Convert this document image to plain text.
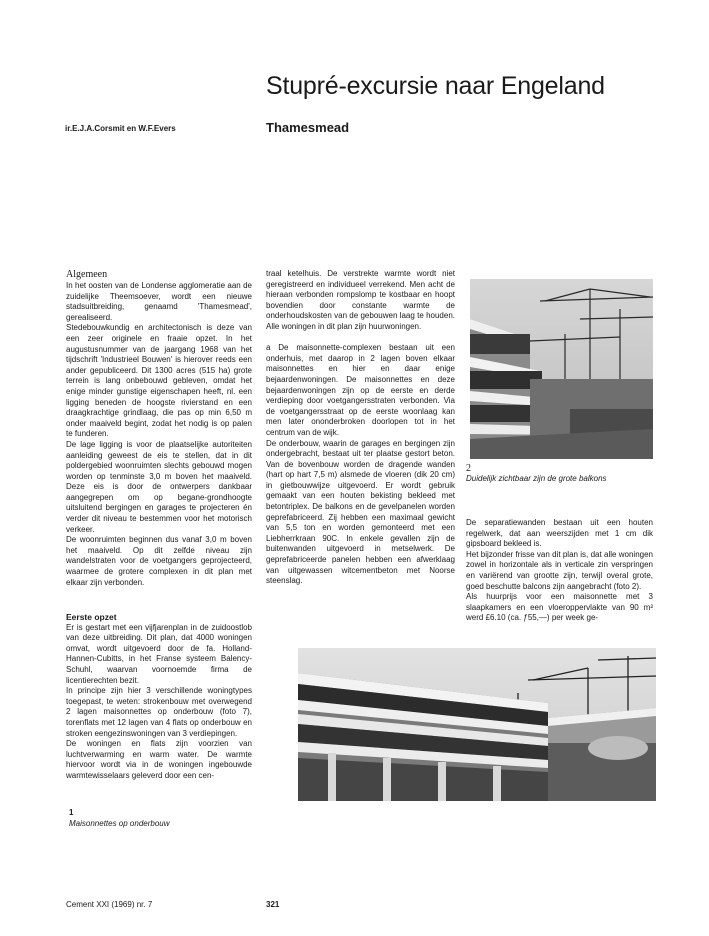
Stupré-excursie naar Engeland
ir.E.J.A.Corsmit en W.F.Evers	Thamesmead
Algemeen

In het oosten van de Londense agglomeratie aan de zuidelijke Theemsoever, wordt een nieuwe stadsuitbreiding, genaamd 'Thamesmead', gerealiseerd.

Stedebouwkundig en architectonisch is deze van een zeer originele en fraaie opzet. In het augustusnummer van de jaargang 1968 van het tijdschrift 'Industrieel Bouwen' is hierover reeds een ander gepubliceerd. Dit 1300 acres (515 ha) grote terrein is lang onbebouwd gebleven, omdat het enige minder gunstige eigenschapen heeft, nl. een ligging beneden de hoogste rivierstand en een draagkrachtige grindlaag, die pas op min 6,50 m onder maaiveld begint, zodat het nodig is op palen te funderen.

De lage ligging is voor de plaatselijke autoriteiten aanleiding geweest de eis te stellen, dat in dit poldergebied woonruimten slechts gebouwd mogen worden op tenminste 3,0 m boven het maaiveld. Deze eis is door de ontwerpers dankbaar aangegrepen om op begane-grondhoogte uitsluitend bergingen en garages te projecteren én verder dit niveau te bestemmen voor het motorisch verkeer.

De woonruimten beginnen dus vanaf 3,0 m boven het maaiveld. Op dit zelfde niveau zijn wandelstraten voor de voetgangers geprojecteerd, waarmee de grotere complexen in dit plan met elkaar zijn verbonden.

Eerste opzet

Er is gestart met een vijfjarenplan in de zuidoostlob van deze uitbreiding. Dit plan, dat 4000 woningen omvat, wordt uitgevoerd door de fa. Holland-Hannen-Cubitts, in het Franse systeem Balency-Schuhl, waarvan voornoemde firma de licentierechten bezit.

In principe zijn hier 3 verschillende woningtypes toegepast, te weten: strokenbouw met overwegend 2 lagen maisonnettes op onderbouw (foto 7), torenflats met 12 lagen van 4 flats op onderbouw en stroken eengezinswoningen van 3 verdiepingen.

De woningen en flats zijn voorzien van luchtverwarming en warm water. De warmte hiervoor wordt via in de woningen ingebouwde warmtewisselaars geleverd door een cen-

traal ketelhuis. De verstrekte warmte wordt niet geregistreerd en individueel verrekend. Men acht de hieraan verbonden rompslomp te kostbaar en hoopt bovendien door constante warmte de onderhoudskosten van de gebouwen laag te houden. Alle woningen in dit plan zijn huurwoningen.

a De maisonnette-complexen bestaan uit een onderhuis, met daarop in 2 lagen boven elkaar maisonnettes en hier en daar enige bejaardenwoningen. De maisonnettes en deze bejaardenwoningen zijn op de eerste en derde verdieping door voetgangersstraten verbonden. Via de voetgangersstraat op de eerste woonlaag kan men later ononderbroken doorlopen tot in het centrum van de wijk.

De onderbouw, waarin de garages en bergingen zijn ondergebracht, bestaat uit ter plaatse gestort beton. Van de bovenbouw worden de dragende wanden (hart op hart 7,5 m) alsmede de vloeren (dik 20 cm) in gietbouwwijze uitgevoerd. Er wordt gebruik gemaakt van een houten bekisting bekleed met betontriplex. De balkons en de gevelpanelen worden geprefabriceerd. Zij hebben een maximaal gewicht van 5,5 ton en worden gemonteerd met een Liebherrkraan 90C. In enkele gevallen zijn de buitenwanden uitgevoerd in metselwerk. De geprefabriceerde panelen hebben een afwerklaag van uitgewassen witcementbeton met Noorse steenslag.

De separatiewanden bestaan uit een houten regelwerk, dat aan weerszijden met 1 cm dik gipsboard bekleed is.

Het bijzonder frisse van dit plan is, dat alle woningen zowel in horizontale als in verticale zin verspringen en variërend van grootte zijn, terwijl overal grote, goed beschutte balcons zijn aangebracht (foto 2).

Als huurprijs voor een maisonnette met 3 slaapkamers en een vloeroppervlakte van 90 m² werd £6.10 (ca. ƒ55,—) per week ge-

2
Duidelijk zichtbaar zijn de grote balkons
1
Maisonnettes op onderbouw
Cement XXI (1969) nr. 7	321
